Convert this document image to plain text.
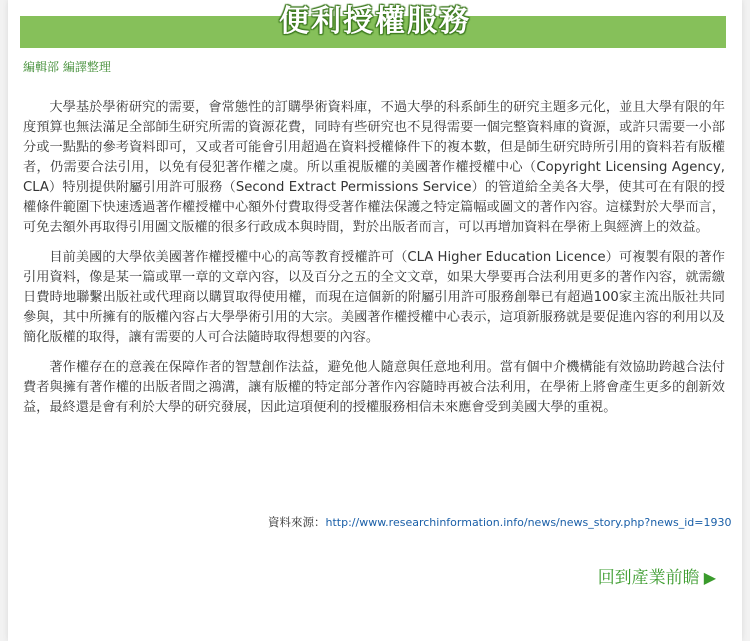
便利授權服務
編輯部 編譯整理

大學基於學術研究的需要，會常態性的訂購學術資料庫，不過大學的科系師生的研究主題多元化，並且大學有限的年度預算也無法滿足全部師生研究所需的資源花費，同時有些研究也不見得需要一個完整資料庫的資源，或許只需要一小部分或一點點的參考資料即可，又或者可能會引用超過在資料授權條件下的複本數，但是師生研究時所引用的資料若有版權者，仍需要合法引用，以免有侵犯著作權之虞。所以重視版權的美國著作權授權中心（Copyright Licensing Agency, CLA）特別提供附屬引用許可服務（Second Extract Permissions Service）的管道給全美各大學，使其可在有限的授權條件範圍下快速透過著作權授權中心額外付費取得受著作權法保護之特定篇幅或圖文的著作內容。這樣對於大學而言，可免去額外再取得引用圖文版權的很多行政成本與時間，對於出版者而言，可以再增加資料在學術上與經濟上的效益。

目前美國的大學依美國著作權授權中心的高等教育授權許可（CLA Higher Education Licence）可複製有限的著作引用資料，像是某一篇或單一章的文章內容，以及百分之五的全文文章，如果大學要再合法利用更多的著作內容，就需繳日費時地聯繫出版社或代理商以購買取得使用權，而現在這個新的附屬引用許可服務創舉已有超過100家主流出版社共同參與，其中所擁有的版權內容占大學學術引用的大宗。美國著作權授權中心表示，這項新服務就是要促進內容的利用以及簡化版權的取得，讓有需要的人可合法隨時取得想要的內容。

著作權存在的意義在保障作者的智慧創作法益，避免他人隨意與任意地利用。當有個中介機構能有效協助跨越合法付費者與擁有著作權的出版者間之鴻溝，讓有版權的特定部分著作內容隨時再被合法利用，在學術上將會產生更多的創新效益，最終還是會有利於大學的研究發展，因此這項便利的授權服務相信未來應會受到美國大學的重視。

資料來源：http://www.researchinformation.info/news/news_story.php?news_id=1930
回到產業前瞻 ▶
